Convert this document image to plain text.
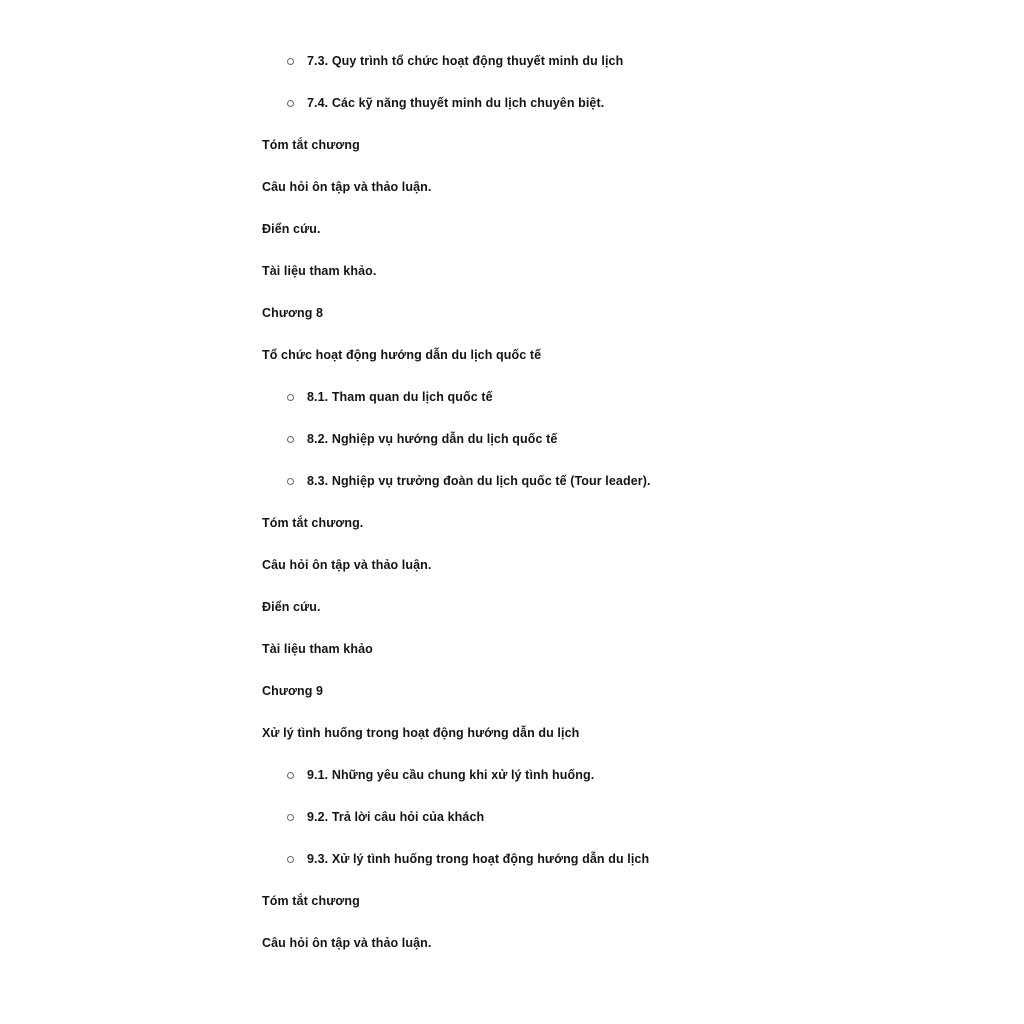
7.3. Quy trình tổ chức hoạt động thuyết minh du lịch
7.4. Các kỹ năng thuyết minh du lịch chuyên biệt.
Tóm tắt chương
Câu hỏi ôn tập và thảo luận.
Điển cứu.
Tài liệu tham khảo.
Chương 8
Tổ chức hoạt động hướng dẫn du lịch quốc tế
8.1. Tham quan du lịch quốc tế
8.2. Nghiệp vụ hướng dẫn du lịch quốc tế
8.3. Nghiệp vụ trưởng đoàn du lịch quốc tế (Tour leader).
Tóm tắt chương.
Câu hỏi ôn tập và thảo luận.
Điển cứu.
Tài liệu tham khảo
Chương 9
Xử lý tình huống trong hoạt động hướng dẫn du lịch
9.1. Những yêu cầu chung khi xử lý tình huống.
9.2. Trả lời câu hỏi của khách
9.3. Xử lý tình huống trong hoạt động hướng dẫn du lịch
Tóm tắt chương
Câu hỏi ôn tập và thảo luận.
